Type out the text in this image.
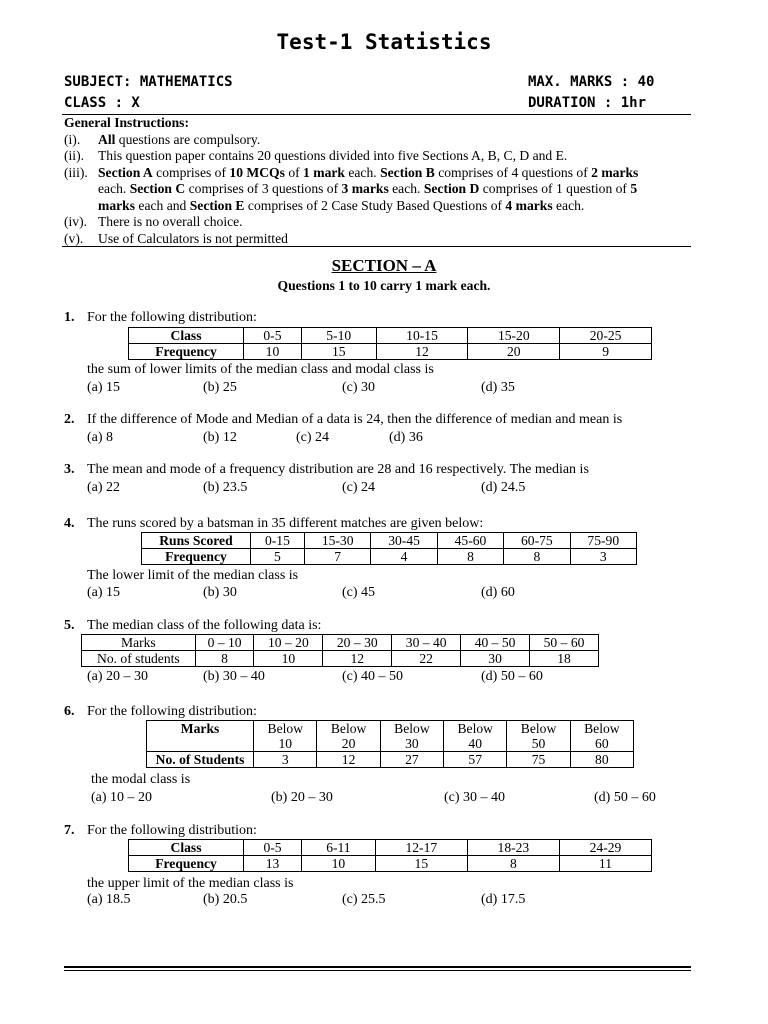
Test-1 Statistics
SUBJECT: MATHEMATICS	MAX. MARKS : 40
CLASS : X	DURATION : 1hr
General Instructions:
(i). All questions are compulsory.
(ii). This question paper contains 20 questions divided into five Sections A, B, C, D and E.
(iii). Section A comprises of 10 MCQs of 1 mark each. Section B comprises of 4 questions of 2 marks
each. Section C comprises of 3 questions of 3 marks each. Section D comprises of 1 question of 5
marks each and Section E comprises of 2 Case Study Based Questions of 4 marks each.
(iv). There is no overall choice.
(v). Use of Calculators is not permitted
SECTION – A
Questions 1 to 10 carry 1 mark each.
1. For the following distribution:
Class	0-5	5-10	10-15	15-20	20-25
Frequency	10	15	12	20	9
the sum of lower limits of the median class and modal class is
(a) 15	(b) 25	(c) 30	(d) 35
2. If the difference of Mode and Median of a data is 24, then the difference of median and mean is
(a) 8	(b) 12	(c) 24	(d) 36
3. The mean and mode of a frequency distribution are 28 and 16 respectively. The median is
(a) 22	(b) 23.5	(c) 24	(d) 24.5
4. The runs scored by a batsman in 35 different matches are given below:
Runs Scored	0-15	15-30	30-45	45-60	60-75	75-90
Frequency	5	7	4	8	8	3
The lower limit of the median class is
(a) 15	(b) 30	(c) 45	(d) 60
5. The median class of the following data is:
Marks	0 – 10	10 – 20	20 – 30	30 – 40	40 – 50	50 – 60
No. of students	8	10	12	22	30	18
(a) 20 – 30	(b) 30 – 40	(c) 40 – 50	(d) 50 – 60
6. For the following distribution:
Marks	Below	Below	Below	Below	Below	Below
	10	20	30	40	50	60
No. of Students	3	12	27	57	75	80
the modal class is
(a) 10 – 20	(b) 20 – 30	(c) 30 – 40	(d) 50 – 60
7. For the following distribution:
Class	0-5	6-11	12-17	18-23	24-29
Frequency	13	10	15	8	11
the upper limit of the median class is
(a) 18.5	(b) 20.5	(c) 25.5	(d) 17.5
